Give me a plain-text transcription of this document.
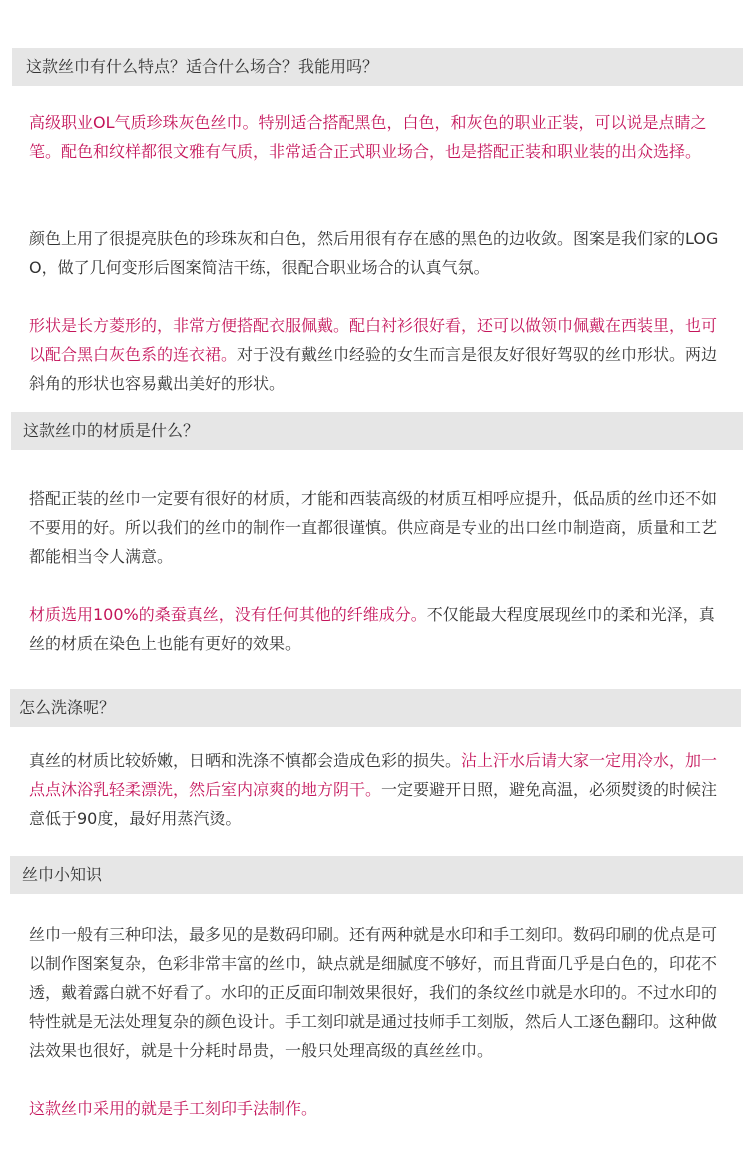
这款丝巾有什么特点？适合什么场合？我能用吗？

高级职业OL气质珍珠灰色丝巾。特别适合搭配黑色，白色，和灰色的职业正装，可以说是点睛之笔。配色和纹样都很文雅有气质，非常适合正式职业场合，也是搭配正装和职业装的出众选择。

颜色上用了很提亮肤色的珍珠灰和白色，然后用很有存在感的黑色的边收敛。图案是我们家的LOGO，做了几何变形后图案简洁干练，很配合职业场合的认真气氛。

形状是长方菱形的，非常方便搭配衣服佩戴。配白衬衫很好看，还可以做领巾佩戴在西装里，也可以配合黑白灰色系的连衣裙。对于没有戴丝巾经验的女生而言是很友好很好驾驭的丝巾形状。两边斜角的形状也容易戴出美好的形状。

这款丝巾的材质是什么？

搭配正装的丝巾一定要有很好的材质，才能和西装高级的材质互相呼应提升，低品质的丝巾还不如不要用的好。所以我们的丝巾的制作一直都很谨慎。供应商是专业的出口丝巾制造商，质量和工艺都能相当令人满意。

材质选用100%的桑蚕真丝，没有任何其他的纤维成分。不仅能最大程度展现丝巾的柔和光泽，真丝的材质在染色上也能有更好的效果。

怎么洗涤呢？

真丝的材质比较娇嫩，日晒和洗涤不慎都会造成色彩的损失。沾上汗水后请大家一定用冷水，加一点点沐浴乳轻柔漂洗，然后室内凉爽的地方阴干。一定要避开日照，避免高温，必须熨烫的时候注意低于90度，最好用蒸汽烫。

丝巾小知识

丝巾一般有三种印法，最多见的是数码印刷。还有两种就是水印和手工刻印。数码印刷的优点是可以制作图案复杂，色彩非常丰富的丝巾，缺点就是细腻度不够好，而且背面几乎是白色的，印花不透，戴着露白就不好看了。水印的正反面印制效果很好，我们的条纹丝巾就是水印的。不过水印的特性就是无法处理复杂的颜色设计。手工刻印就是通过技师手工刻版，然后人工逐色翻印。这种做法效果也很好，就是十分耗时昂贵，一般只处理高级的真丝丝巾。

这款丝巾采用的就是手工刻印手法制作。
